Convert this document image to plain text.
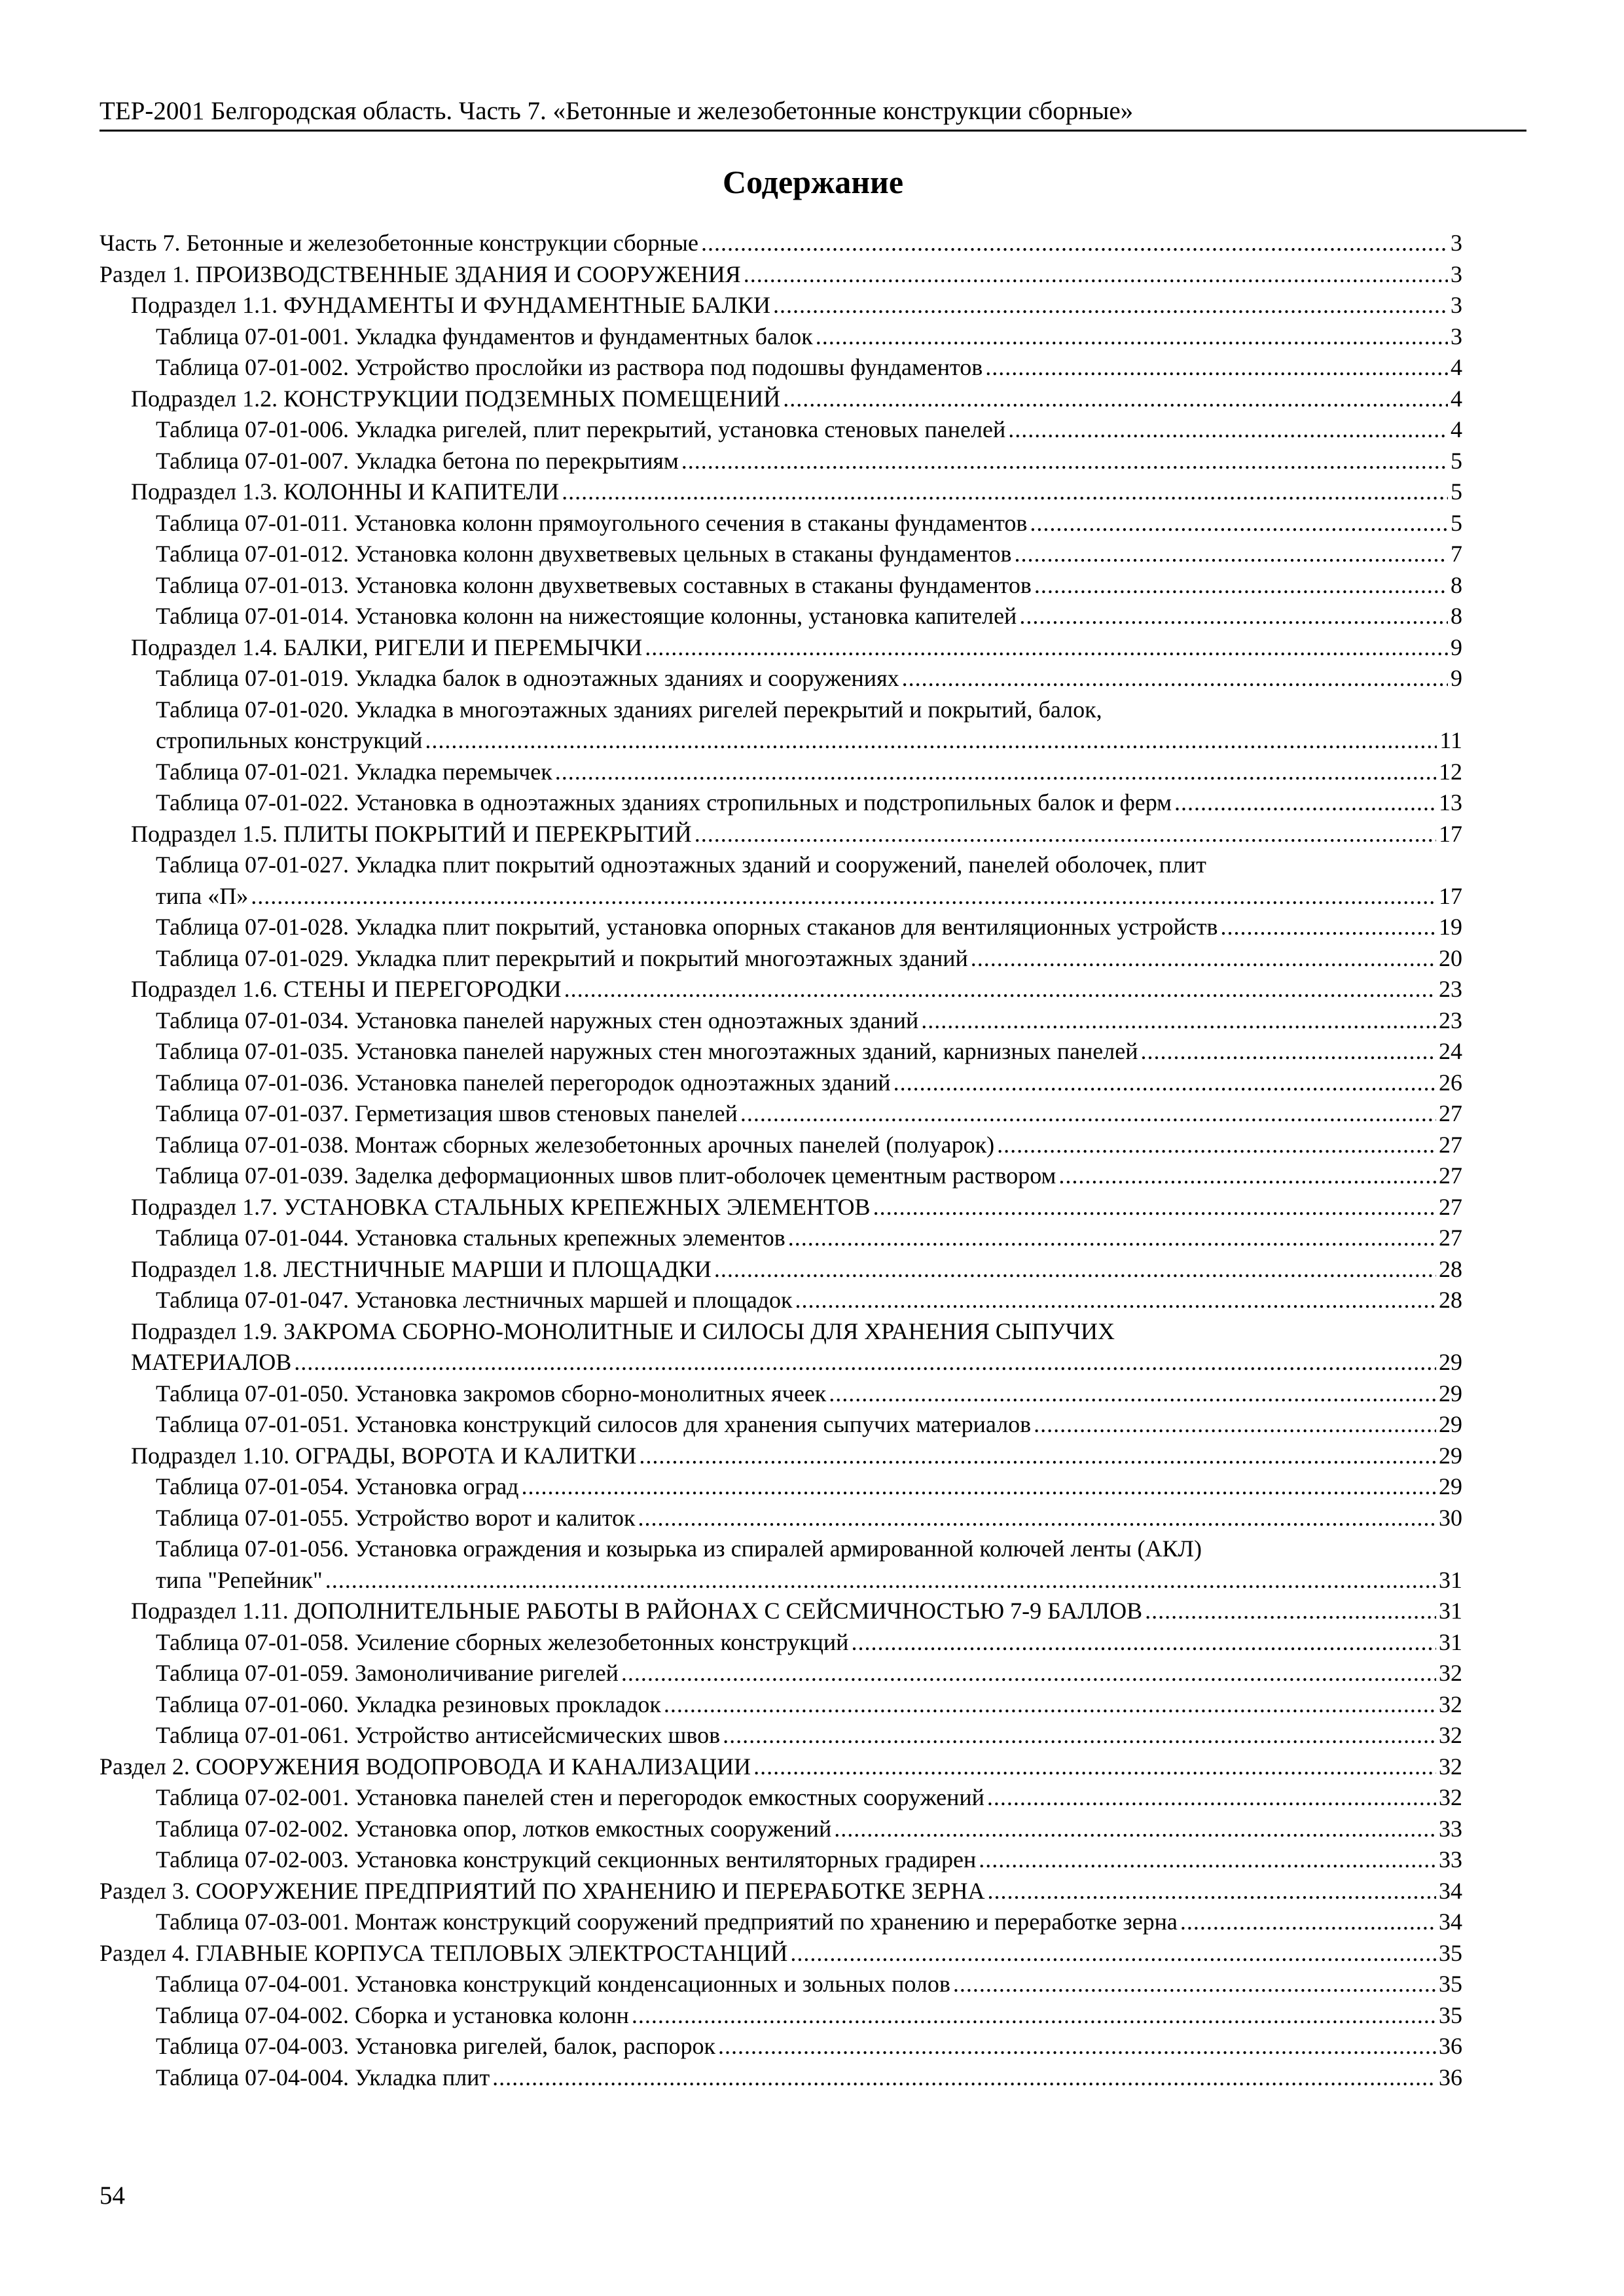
ТЕР-2001 Белгородская область. Часть 7. «Бетонные и железобетонные конструкции сборные»
Содержание
Часть 7. Бетонные и железобетонные конструкции сборные .....	3
Раздел 1. ПРОИЗВОДСТВЕННЫЕ ЗДАНИЯ И СООРУЖЕНИЯ .....	3
Подраздел 1.1. ФУНДАМЕНТЫ И ФУНДАМЕНТНЫЕ БАЛКИ .....	3
Таблица 07-01-001. Укладка фундаментов и фундаментных балок .....	3
Таблица 07-01-002. Устройство прослойки из раствора под подошвы фундаментов .....	4
Подраздел 1.2. КОНСТРУКЦИИ ПОДЗЕМНЫХ ПОМЕЩЕНИЙ .....	4
Таблица 07-01-006. Укладка ригелей, плит перекрытий, установка стеновых панелей .....	4
Таблица 07-01-007. Укладка бетона по перекрытиям .....	5
Подраздел 1.3. КОЛОННЫ И КАПИТЕЛИ .....	5
Таблица 07-01-011. Установка колонн прямоугольного сечения в стаканы фундаментов .....	5
Таблица 07-01-012. Установка колонн двухветвевых цельных в стаканы фундаментов .....	7
Таблица 07-01-013. Установка колонн двухветвевых составных в стаканы фундаментов .....	8
Таблица 07-01-014. Установка колонн на нижестоящие колонны, установка капителей .....	8
Подраздел 1.4. БАЛКИ, РИГЕЛИ И ПЕРЕМЫЧКИ .....	9
Таблица 07-01-019. Укладка балок в одноэтажных зданиях и сооружениях .....	9
Таблица 07-01-020. Укладка в многоэтажных зданиях ригелей перекрытий и покрытий, балок,
стропильных конструкций .....	11
Таблица 07-01-021. Укладка перемычек .....	12
Таблица 07-01-022. Установка в одноэтажных зданиях стропильных и подстропильных балок и ферм .....	13
Подраздел 1.5. ПЛИТЫ ПОКРЫТИЙ И ПЕРЕКРЫТИЙ .....	17
Таблица 07-01-027. Укладка плит покрытий одноэтажных зданий и сооружений, панелей оболочек, плит
типа «П» .....	17
Таблица 07-01-028. Укладка плит покрытий, установка опорных стаканов для вентиляционных устройств .....	19
Таблица 07-01-029. Укладка плит перекрытий и покрытий многоэтажных зданий .....	20
Подраздел 1.6. СТЕНЫ И ПЕРЕГОРОДКИ .....	23
Таблица 07-01-034. Установка панелей наружных стен одноэтажных зданий .....	23
Таблица 07-01-035. Установка панелей наружных стен многоэтажных зданий, карнизных панелей .....	24
Таблица 07-01-036. Установка панелей перегородок одноэтажных зданий .....	26
Таблица 07-01-037. Герметизация швов стеновых панелей .....	27
Таблица 07-01-038. Монтаж сборных железобетонных арочных панелей (полуарок) .....	27
Таблица 07-01-039. Заделка деформационных швов плит-оболочек цементным раствором .....	27
Подраздел 1.7. УСТАНОВКА СТАЛЬНЫХ КРЕПЕЖНЫХ ЭЛЕМЕНТОВ .....	27
Таблица 07-01-044. Установка стальных крепежных элементов .....	27
Подраздел 1.8. ЛЕСТНИЧНЫЕ МАРШИ И ПЛОЩАДКИ .....	28
Таблица 07-01-047. Установка лестничных маршей и площадок .....	28
Подраздел 1.9. ЗАКРОМА СБОРНО-МОНОЛИТНЫЕ И СИЛОСЫ ДЛЯ ХРАНЕНИЯ СЫПУЧИХ
МАТЕРИАЛОВ .....	29
Таблица 07-01-050. Установка закромов сборно-монолитных ячеек .....	29
Таблица 07-01-051. Установка конструкций силосов для хранения сыпучих материалов .....	29
Подраздел 1.10. ОГРАДЫ, ВОРОТА И КАЛИТКИ .....	29
Таблица 07-01-054. Установка оград .....	29
Таблица 07-01-055. Устройство ворот и калиток .....	30
Таблица 07-01-056. Установка ограждения и козырька из спиралей армированной колючей ленты (АКЛ)
типа "Репейник" .....	31
Подраздел 1.11. ДОПОЛНИТЕЛЬНЫЕ РАБОТЫ В РАЙОНАХ С СЕЙСМИЧНОСТЬЮ 7-9 БАЛЛОВ .....	31
Таблица 07-01-058. Усиление сборных железобетонных конструкций .....	31
Таблица 07-01-059. Замоноличивание ригелей .....	32
Таблица 07-01-060. Укладка резиновых прокладок .....	32
Таблица 07-01-061. Устройство антисейсмических швов .....	32
Раздел 2. СООРУЖЕНИЯ ВОДОПРОВОДА И КАНАЛИЗАЦИИ .....	32
Таблица 07-02-001. Установка панелей стен и перегородок емкостных сооружений .....	32
Таблица 07-02-002. Установка опор, лотков емкостных сооружений .....	33
Таблица 07-02-003. Установка конструкций секционных вентиляторных градирен .....	33
Раздел 3. СООРУЖЕНИЕ ПРЕДПРИЯТИЙ ПО ХРАНЕНИЮ И ПЕРЕРАБОТКЕ ЗЕРНА .....	34
Таблица 07-03-001. Монтаж конструкций сооружений предприятий по хранению и переработке зерна .....	34
Раздел 4. ГЛАВНЫЕ КОРПУСА ТЕПЛОВЫХ ЭЛЕКТРОСТАНЦИЙ .....	35
Таблица 07-04-001. Установка конструкций конденсационных и зольных полов .....	35
Таблица 07-04-002. Сборка и установка колонн .....	35
Таблица 07-04-003. Установка ригелей, балок, распорок .....	36
Таблица 07-04-004. Укладка плит .....	36
54
